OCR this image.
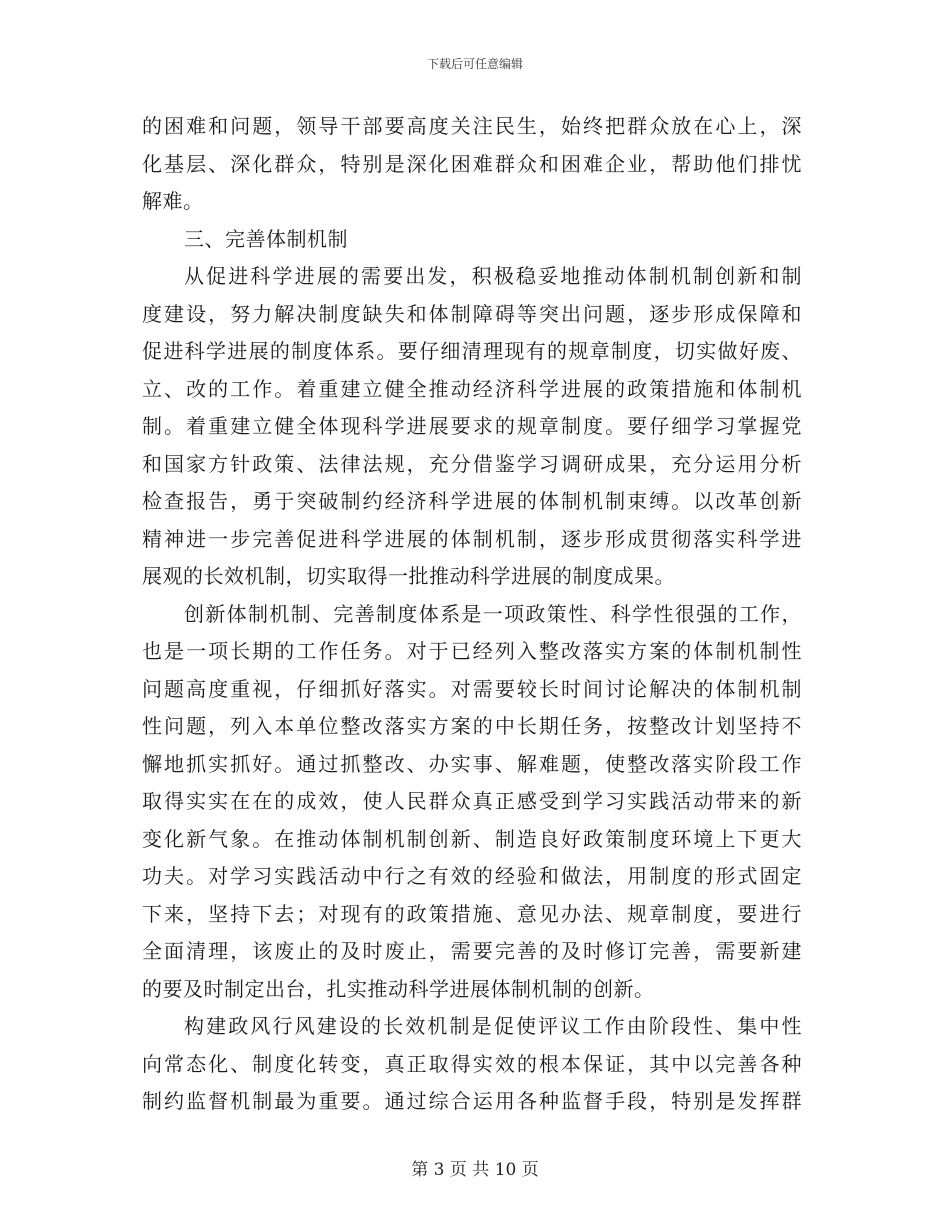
下载后可任意编辑
的困难和问题，领导干部要高度关注民生，始终把群众放在心上，深
化基层、深化群众，特别是深化困难群众和困难企业，帮助他们排忧
解难。
三、完善体制机制
从促进科学进展的需要出发，积极稳妥地推动体制机制创新和制
度建设，努力解决制度缺失和体制障碍等突出问题，逐步形成保障和
促进科学进展的制度体系。要仔细清理现有的规章制度，切实做好废、
立、改的工作。着重建立健全推动经济科学进展的政策措施和体制机
制。着重建立健全体现科学进展要求的规章制度。要仔细学习掌握党
和国家方针政策、法律法规，充分借鉴学习调研成果，充分运用分析
检查报告，勇于突破制约经济科学进展的体制机制束缚。以改革创新
精神进一步完善促进科学进展的体制机制，逐步形成贯彻落实科学进
展观的长效机制，切实取得一批推动科学进展的制度成果。
创新体制机制、完善制度体系是一项政策性、科学性很强的工作，
也是一项长期的工作任务。对于已经列入整改落实方案的体制机制性
问题高度重视，仔细抓好落实。对需要较长时间讨论解决的体制机制
性问题，列入本单位整改落实方案的中长期任务，按整改计划坚持不
懈地抓实抓好。通过抓整改、办实事、解难题，使整改落实阶段工作
取得实实在在的成效，使人民群众真正感受到学习实践活动带来的新
变化新气象。在推动体制机制创新、制造良好政策制度环境上下更大
功夫。对学习实践活动中行之有效的经验和做法，用制度的形式固定
下来，坚持下去；对现有的政策措施、意见办法、规章制度，要进行
全面清理，该废止的及时废止，需要完善的及时修订完善，需要新建
的要及时制定出台，扎实推动科学进展体制机制的创新。
构建政风行风建设的长效机制是促使评议工作由阶段性、集中性
向常态化、制度化转变，真正取得实效的根本保证，其中以完善各种
制约监督机制最为重要。通过综合运用各种监督手段，特别是发挥群
第 3 页 共 10 页
